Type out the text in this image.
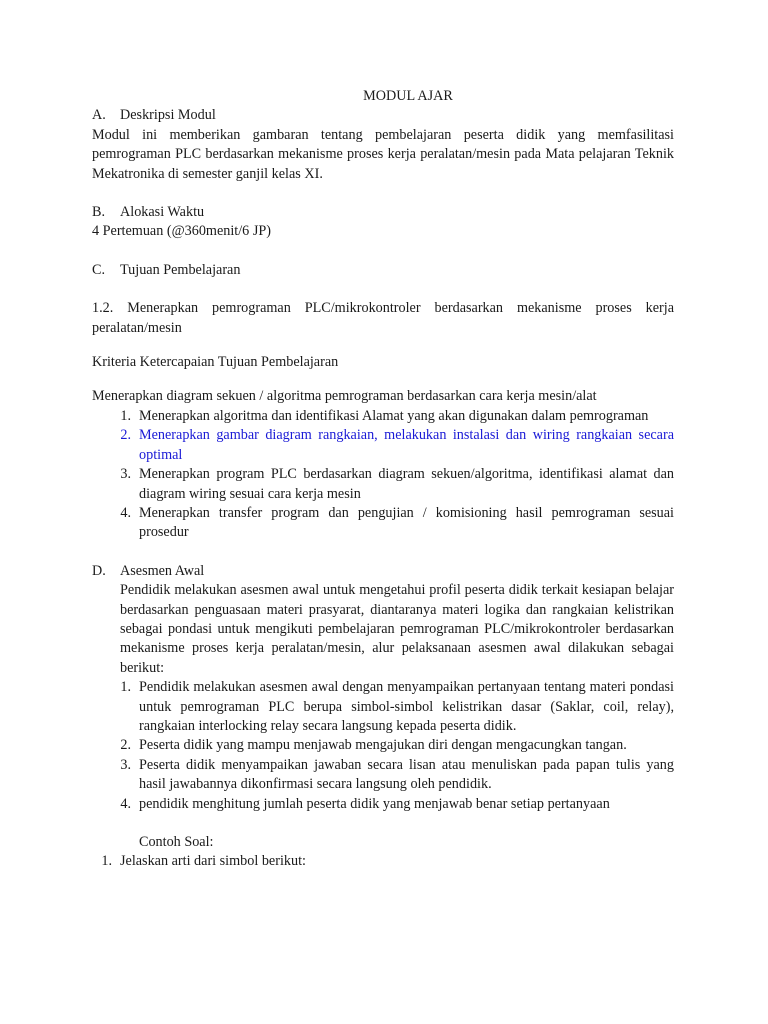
MODUL AJAR

A.	Deskripsi Modul

Modul ini memberikan gambaran tentang pembelajaran peserta didik yang memfasilitasi pemrograman PLC berdasarkan mekanisme proses kerja peralatan/mesin pada Mata pelajaran Teknik Mekatronika di semester ganjil kelas XI.

B.	Alokasi Waktu

4 Pertemuan (@360menit/6 JP)

C.	Tujuan Pembelajaran

1.2. Menerapkan pemrograman PLC/mikrokontroler berdasarkan mekanisme proses kerja peralatan/mesin

Kriteria Ketercapaian Tujuan Pembelajaran

Menerapkan diagram sekuen / algoritma pemrograman berdasarkan cara kerja mesin/alat

1. Menerapkan algoritma dan identifikasi Alamat yang akan digunakan dalam pemrograman
2. Menerapkan gambar diagram rangkaian, melakukan instalasi dan wiring rangkaian secara optimal
3. Menerapkan program PLC berdasarkan diagram sekuen/algoritma, identifikasi alamat dan diagram wiring sesuai cara kerja mesin
4. Menerapkan transfer program dan pengujian / komisioning hasil pemrograman sesuai prosedur
D.	Asesmen Awal

Pendidik melakukan asesmen awal untuk mengetahui profil peserta didik terkait kesiapan belajar berdasarkan penguasaan materi prasyarat, diantaranya materi logika dan rangkaian kelistrikan sebagai pondasi untuk mengikuti pembelajaran pemrograman PLC/mikrokontroler berdasarkan mekanisme proses kerja peralatan/mesin, alur pelaksanaan asesmen awal dilakukan sebagai berikut:

1. Pendidik melakukan asesmen awal dengan menyampaikan pertanyaan tentang materi pondasi untuk pemrograman PLC berupa simbol-simbol kelistrikan dasar (Saklar, coil, relay), rangkaian interlocking relay secara langsung kepada peserta didik.
2. Peserta didik yang mampu menjawab mengajukan diri dengan mengacungkan tangan.
3. Peserta didik menyampaikan jawaban secara lisan atau menuliskan pada papan tulis yang hasil jawabannya dikonfirmasi secara langsung oleh pendidik.
4. pendidik menghitung jumlah peserta didik yang menjawab benar setiap pertanyaan

Contoh Soal:

1. Jelaskan arti dari simbol berikut:
